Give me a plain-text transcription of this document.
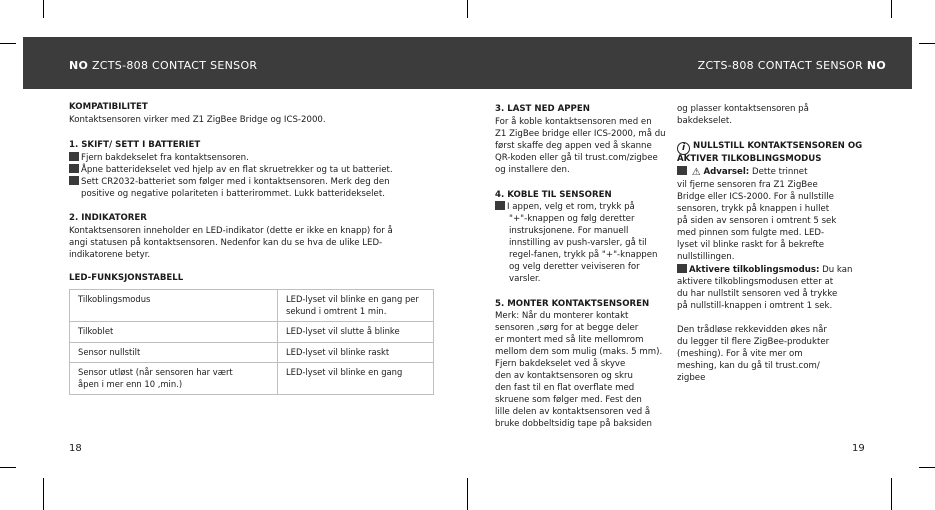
NO ZCTS-808 CONTACT SENSOR	ZCTS-808 CONTACT SENSOR NO
KOMPATIBILITET
Kontaktsensoren virker med Z1 ZigBee Bridge og ICS-2000.
1. SKIFT/ SETT I BATTERIET
Fjern bakdekselet fra kontaktsensoren.
Åpne batteridekselet ved hjelp av en flat skruetrekker og ta ut batteriet.
Sett CR2032-batteriet som følger med i kontaktsensoren. Merk deg den
positive og negative polariteten i batterirommet. Lukk batteridekselet.
2. INDIKATORER
Kontaktsensoren inneholder en LED-indikator (dette er ikke en knapp) for å
angi statusen på kontaktsensoren. Nedenfor kan du se hva de ulike LED-
indikatorene betyr.
LED-FUNKSJONSTABELL
Tilkoblingsmodus	LED-lyset vil blinke en gang per
sekund i omtrent 1 min.
Tilkoblet	LED-lyset vil slutte å blinke
Sensor nullstilt	LED-lyset vil blinke raskt
Sensor utløst (når sensoren har vært
åpen i mer enn 10 ,min.)	LED-lyset vil blinke en gang
18
3. LAST NED APPEN
For å koble kontaktsensoren med en
Z1 ZigBee bridge eller ICS-2000, må du
først skaffe deg appen ved å skanne
QR-koden eller gå til trust.com/zigbee
og installere den.
4. KOBLE TIL SENSOREN
I appen, velg et rom, trykk på
"+"-knappen og følg deretter
instruksjonene. For manuell
innstilling av push-varsler, gå til
regel-fanen, trykk på "+"-knappen
og velg deretter veiviseren for
varsler.
5. MONTER KONTAKTSENSOREN
Merk: Når du monterer kontakt
sensoren ,sørg for at begge deler
er montert med så lite mellomrom
mellom dem som mulig (maks. 5 mm).
Fjern bakdekselet ved å skyve
den av kontaktsensoren og skru
den fast til en flat overflate med
skruene som følger med. Fest den
lille delen av kontaktsensoren ved å
bruke dobbeltsidig tape på baksiden
og plasser kontaktsensoren på
bakdekselet.
i NULLSTILL KONTAKTSENSOREN OG
AKTIVER TILKOBLINGSMODUS
⚠ Advarsel: Dette trinnet
vil fjerne sensoren fra Z1 ZigBee
Bridge eller ICS-2000. For å nullstille
sensoren, trykk på knappen i hullet
på siden av sensoren i omtrent 5 sek
med pinnen som fulgte med. LED-
lyset vil blinke raskt for å bekrefte
nullstillingen.
Aktivere tilkoblingsmodus: Du kan
aktivere tilkoblingsmodusen etter at
du har nullstilt sensoren ved å trykke
på nullstill-knappen i omtrent 1 sek.
Den trådløse rekkevidden økes når
du legger til flere ZigBee-produkter
(meshing). For å vite mer om
meshing, kan du gå til trust.com/
zigbee
19
